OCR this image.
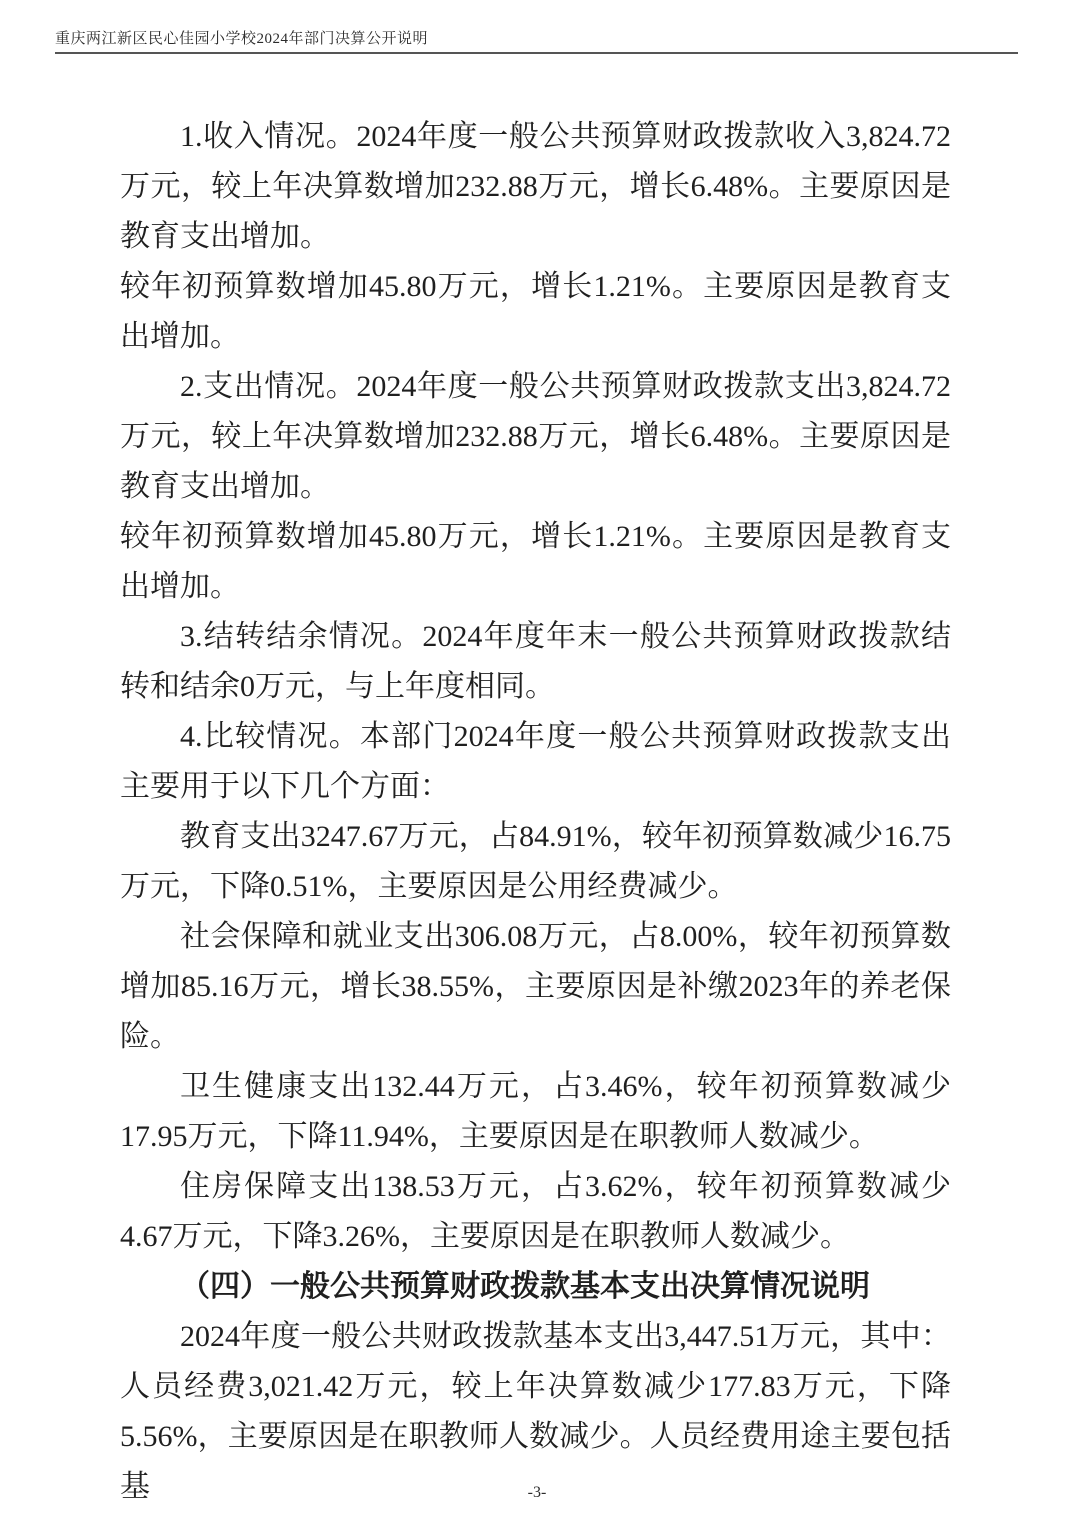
重庆两江新区民心佳园小学校2024年部门决算公开说明

1.收入情况。2024年度一般公共预算财政拨款收入3,824.72万元，较上年决算数增加232.88万元，增长6.48%。主要原因是教育支出增加。

较年初预算数增加45.80万元，增长1.21%。主要原因是教育支出增加。

2.支出情况。2024年度一般公共预算财政拨款支出3,824.72万元，较上年决算数增加232.88万元，增长6.48%。主要原因是教育支出增加。

较年初预算数增加45.80万元，增长1.21%。主要原因是教育支出增加。

3.结转结余情况。2024年度年末一般公共预算财政拨款结转和结余0万元，与上年度相同。

4.比较情况。本部门2024年度一般公共预算财政拨款支出主要用于以下几个方面：

教育支出3247.67万元，占84.91%，较年初预算数减少16.75万元，下降0.51%，主要原因是公用经费减少。

社会保障和就业支出306.08万元，占8.00%，较年初预算数增加85.16万元，增长38.55%，主要原因是补缴2023年的养老保险。

卫生健康支出132.44万元，占3.46%，较年初预算数减少17.95万元，下降11.94%，主要原因是在职教师人数减少。

住房保障支出138.53万元，占3.62%，较年初预算数减少4.67万元，下降3.26%，主要原因是在职教师人数减少。

（四）一般公共预算财政拨款基本支出决算情况说明

2024年度一般公共财政拨款基本支出3,447.51万元，其中：人员经费3,021.42万元，较上年决算数减少177.83万元，下降5.56%，主要原因是在职教师人数减少。人员经费用途主要包括基	-3-
